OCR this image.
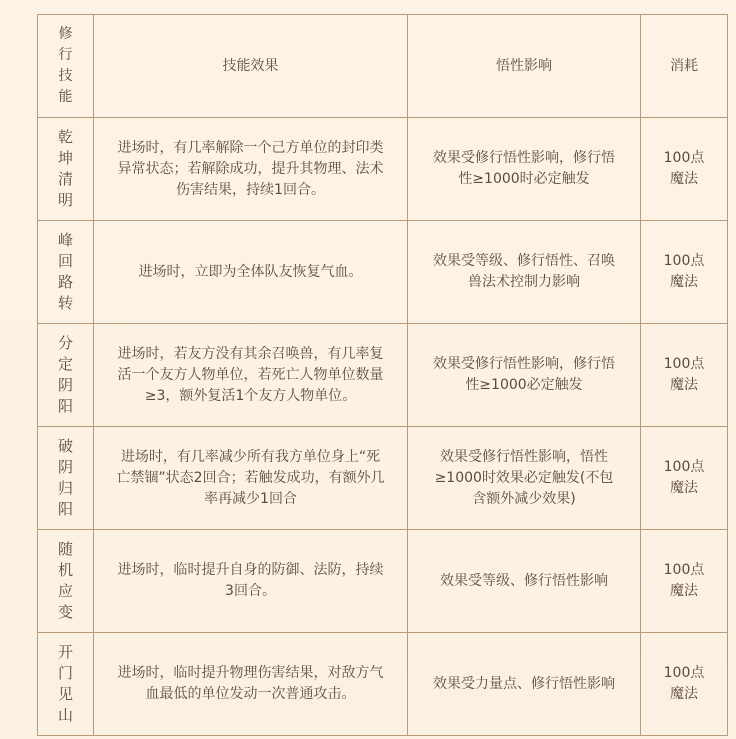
修行技能	技能效果	悟性影响	消耗
乾坤清明	进场时，有几率解除一个己方单位的封印类异常状态；若解除成功，提升其物理、法术伤害结果，持续1回合。	效果受修行悟性影响，修行悟性≥1000时必定触发	100点魔法
峰回路转	进场时，立即为全体队友恢复气血。	效果受等级、修行悟性、召唤兽法术控制力影响	100点魔法
分定阴阳	进场时，若友方没有其余召唤兽，有几率复活一个友方人物单位，若死亡人物单位数量≥3，额外复活1个友方人物单位。	效果受修行悟性影响，修行悟性≥1000必定触发	100点魔法
破阴归阳	进场时，有几率减少所有我方单位身上“死亡禁锢”状态2回合；若触发成功，有额外几率再减少1回合	效果受修行悟性影响，悟性≥1000时效果必定触发(不包含额外减少效果)	100点魔法
随机应变	进场时，临时提升自身的防御、法防，持续3回合。	效果受等级、修行悟性影响	100点魔法
开门见山	进场时，临时提升物理伤害结果，对敌方气血最低的单位发动一次普通攻击。	效果受力量点、修行悟性影响	100点魔法
